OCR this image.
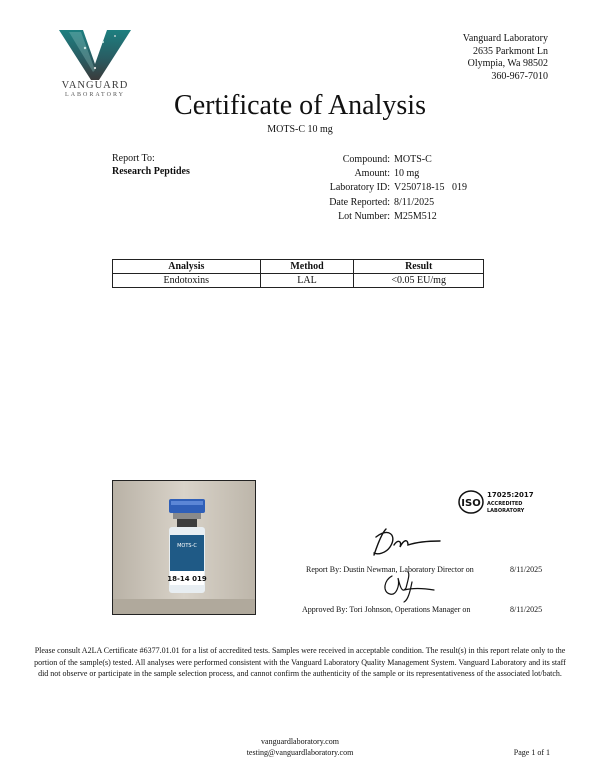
VANGUARD
LABORATORY
Vanguard Laboratory
2635 Parkmont Ln
Olympia, Wa 98502
360-967-7010
Certificate of Analysis
MOTS-C 10 mg
Report To:
Research Peptides
Compound: MOTS-C
Amount: 10 mg
Laboratory ID: V250718-15   019
Date Reported: 8/11/2025
Lot Number: M25M512
Analysis	Method	Result
Endotoxins	LAL	<0.05 EU/mg
MOTS-C
18-14 019
ISO
17025:2017
ACCREDITED
LABORATORY
Report By: Dustin Newman, Laboratory Director on	8/11/2025
Approved By: Tori Johnson, Operations Manager on	8/11/2025
Please consult A2LA Certificate #6377.01.01 for a list of accredited tests. Samples were received in acceptable condition. The result(s) in this report relate only to the portion of the sample(s) tested. All analyses were performed consistent with the Vanguard Laboratory Quality Management System. Vanguard Laboratory and its staff did not observe or participate in the sample selection process, and cannot confirm the authenticity of the sample or its representativeness of the associated lot/batch.
vanguardlaboratory.com
testing@vanguardlaboratory.com	Page 1 of 1
